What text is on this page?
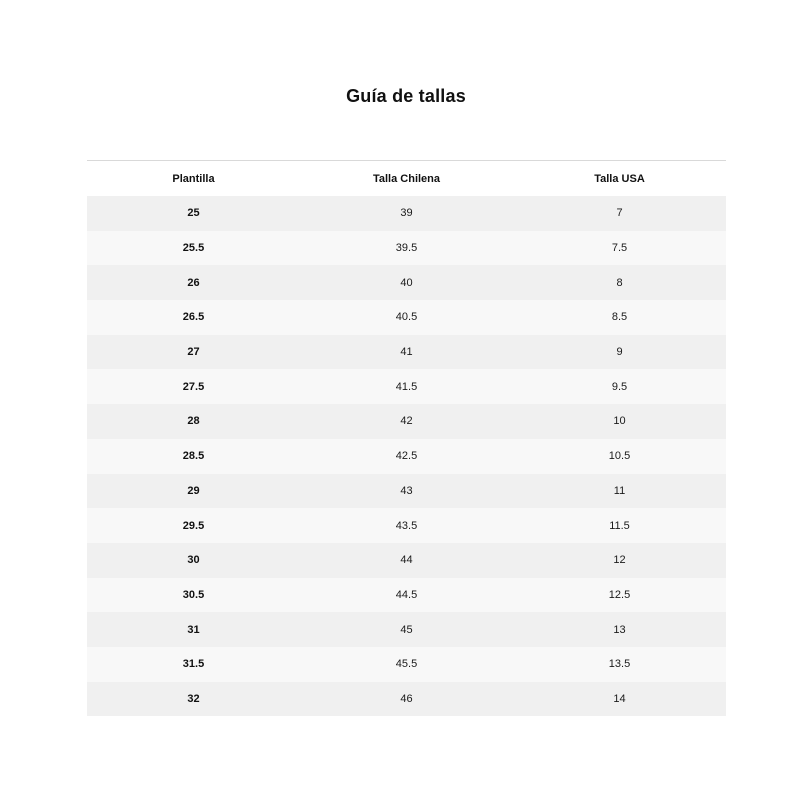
Guía de tallas
Plantilla	Talla Chilena	Talla USA
25	39	7
25.5	39.5	7.5
26	40	8
26.5	40.5	8.5
27	41	9
27.5	41.5	9.5
28	42	10
28.5	42.5	10.5
29	43	11
29.5	43.5	11.5
30	44	12
30.5	44.5	12.5
31	45	13
31.5	45.5	13.5
32	46	14
